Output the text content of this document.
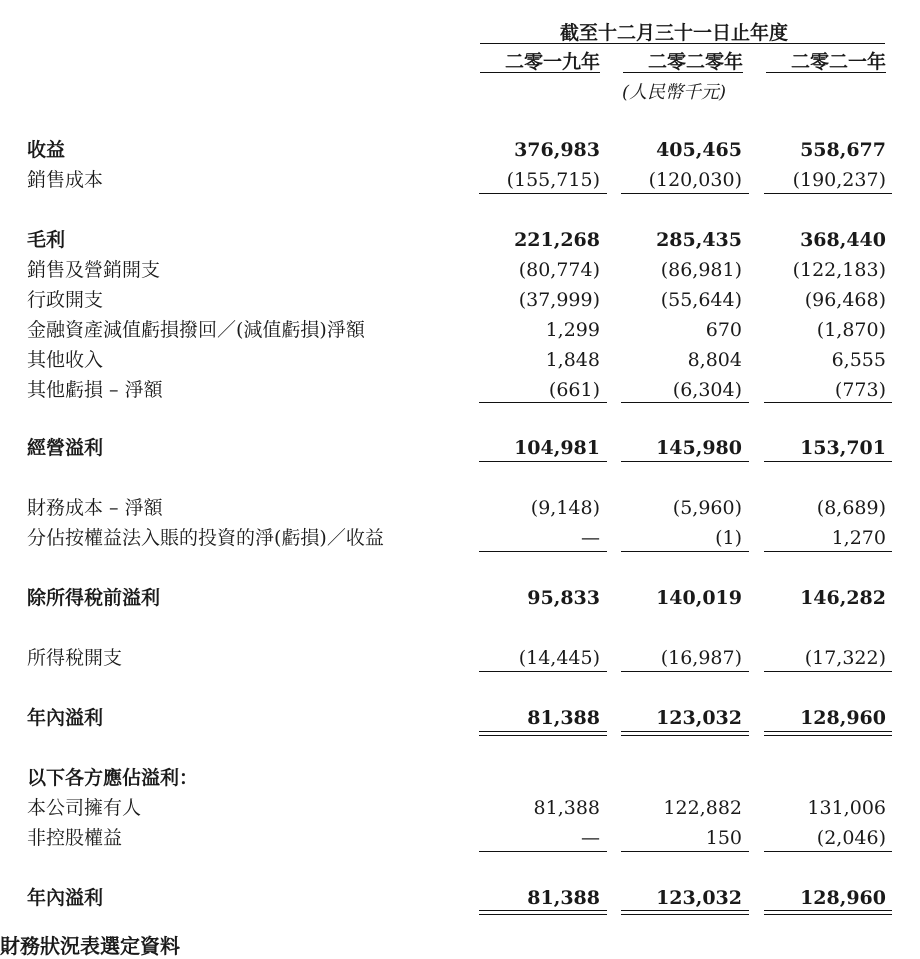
截至十二月三十一日止年度
二零一九年	二零二零年	二零二一年
(人民幣千元)
收益	376,983	405,465	558,677
銷售成本	(155,715)	(120,030)	(190,237)
毛利	221,268	285,435	368,440
銷售及營銷開支	(80,774)	(86,981)	(122,183)
行政開支	(37,999)	(55,644)	(96,468)
金融資產減值虧損撥回／(減值虧損)淨額	1,299	670	(1,870)
其他收入	1,848	8,804	6,555
其他虧損 – 淨額	(661)	(6,304)	(773)
經營溢利	104,981	145,980	153,701
財務成本 – 淨額	(9,148)	(5,960)	(8,689)
分佔按權益法入賬的投資的淨(虧損)／收益	—	(1)	1,270
除所得稅前溢利	95,833	140,019	146,282
所得稅開支	(14,445)	(16,987)	(17,322)
年內溢利	81,388	123,032	128,960
以下各方應佔溢利：
本公司擁有人	81,388	122,882	131,006
非控股權益	—	150	(2,046)
年內溢利	81,388	123,032	128,960
財務狀況表選定資料
